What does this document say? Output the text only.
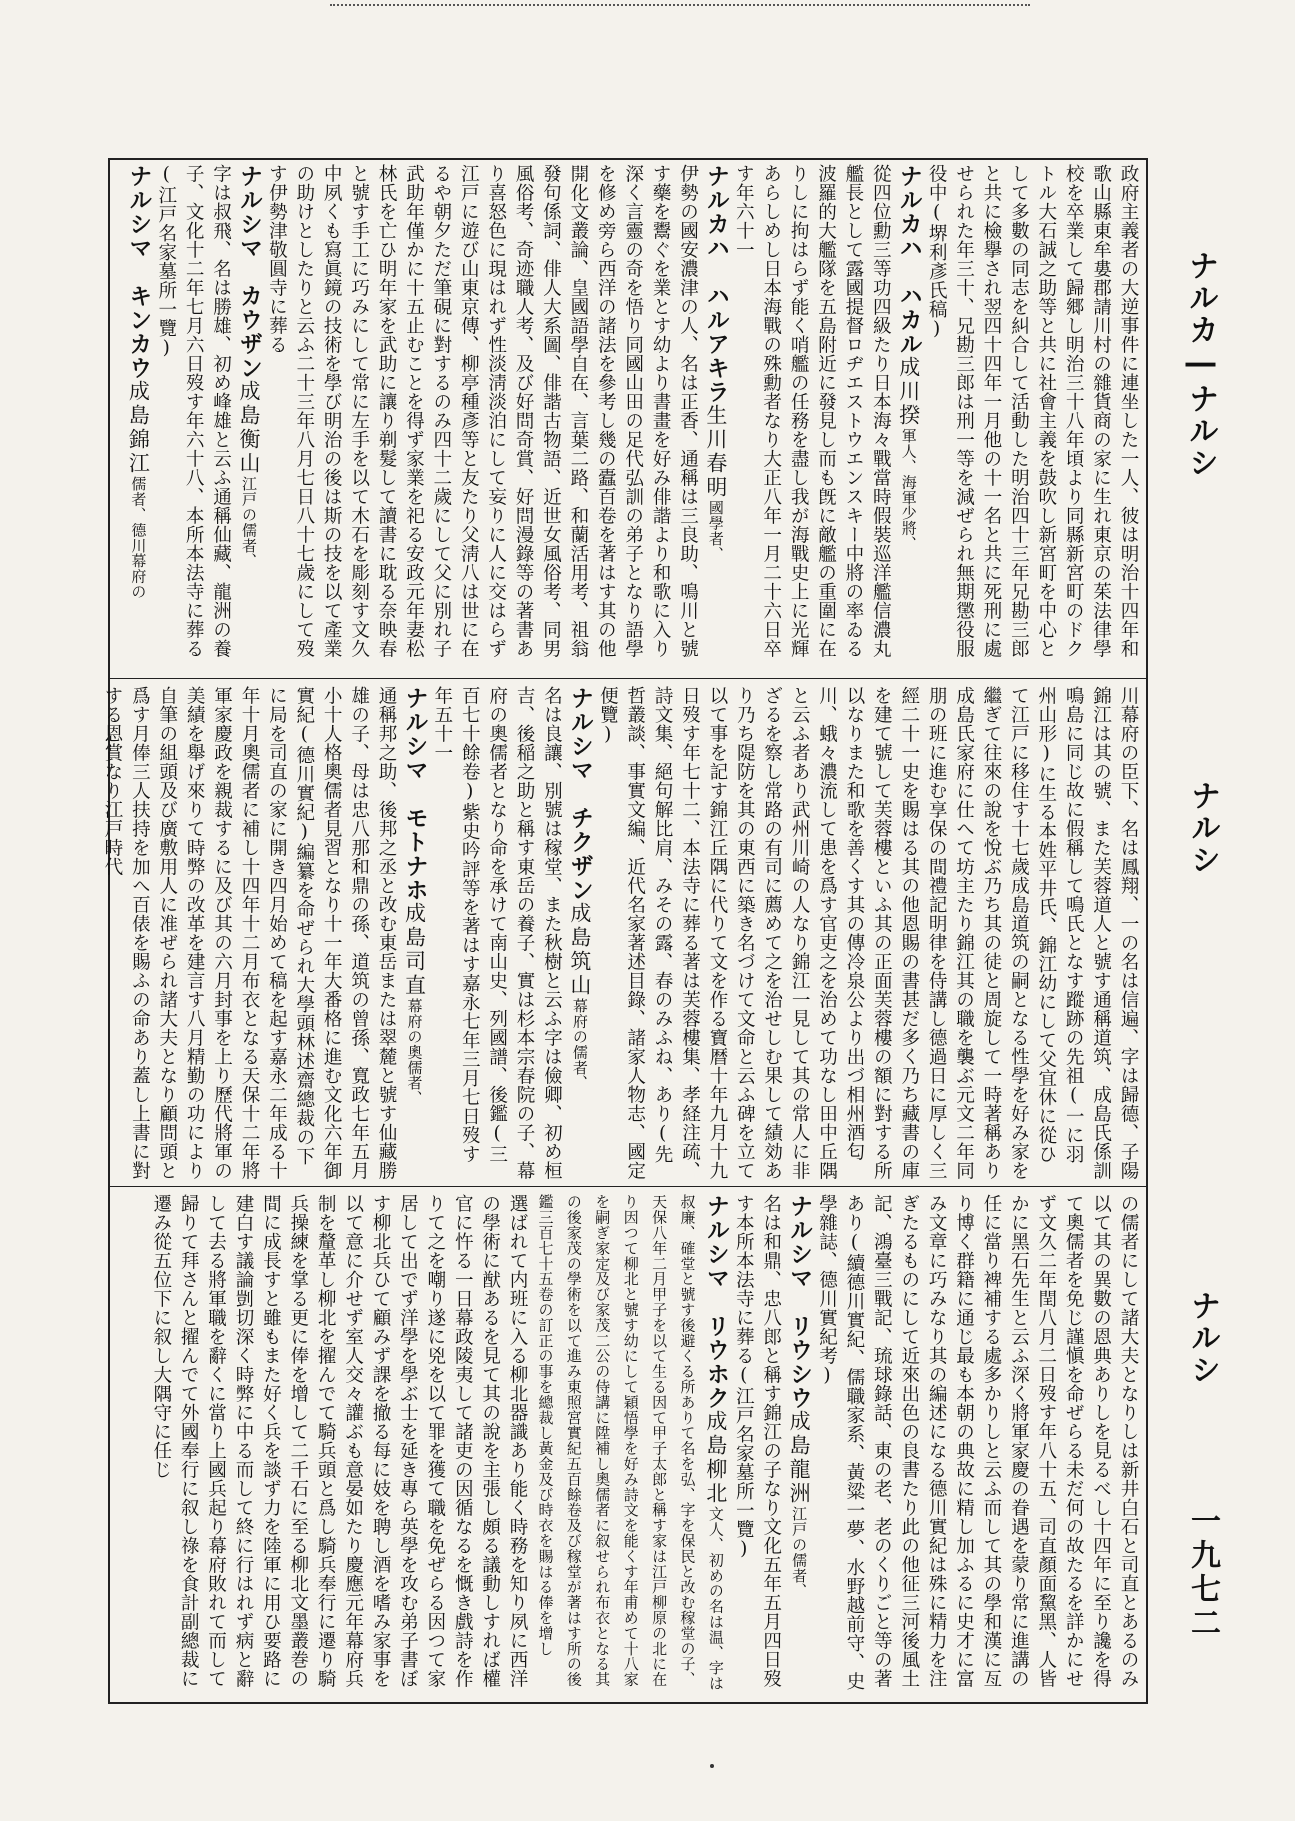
ナルカ―ナルシ
ナルシ
ナルシ
一九七二

政府主義者の大逆事件に連坐した一人、彼は明治十四年和歌山縣東牟婁郡請川村の雜貨商の家に生れ東京の茱法律學校を卒業して歸郷し明治三十八年頃より同縣新宮町のドクトル大石誠之助等と共に社會主義を鼓吹し新宮町を中心として多數の同志を糾合して活動した明治四十三年兄勘三郎と共に檢擧され翌四十四年一月他の十一名と共に死刑に處せられた年三十、兄勘三郎は刑一等を減ぜられ無期懲役服役中(堺利彥氏稿)

ナルカハ　ハカル成川揆軍人、海軍少將、

從四位勳三等功四級たり日本海々戰當時假裝巡洋艦信濃丸艦長として露國提督ロヂエストウエンスキー中將の率ゐる波羅的大艦隊を五島附近に發見し而も旣に敵艦の重圍に在りしに拘はらず能く哨艦の任務を盡し我が海戰史上に光輝あらしめし日本海戰の殊勳者なり大正八年一月二十六日卒す年六十一

ナルカハ　ハルアキラ生川春明國學者、

伊勢の國安濃津の人、名は正香、通稱は三良助、鳴川と號す藥を鬻ぐを業とす幼より書畫を好み俳諧より和歌に入り深く言靈の奇を悟り同國山田の足代弘訓の弟子となり語學を修め旁ら西洋の諸法を參考し幾の蠹百卷を著はす其の他開化文叢論、皇國語學自在、言葉二路、和蘭活用考、祖翁發句係詞、俳人大系圖、俳諧古物語、近世女風俗考、同男風俗考、奇迹職人考、及び好問奇賞、好問漫錄等の著書あり喜怒色に現はれず性淡淸淡泊にして妄りに人に交はらず江戸に遊び山東京傳、柳亭種彥等と友たり父淸八は世に在るや朝夕ただ筆硯に對するのみ四十二歲にして父に別れ子武助年僅かに十五止むことを得ず家業を祀る安政元年妻松林氏を亡ひ明年家を武助に讓り剃髮して讀書に耽る奈映春と號す手工に巧みにして常に左手を以て木石を彫刻す文久中夙くも寫眞鏡の技術を學び明治の後は斯の技を以て產業の助けとしたりと云ふ二十三年八月七日八十七歲にして歿す伊勢津敬圓寺に葬る

ナルシマ　カウザン成島衡山江戸の儒者、

字は叔飛、名は勝雄、初め峰雄と云ふ通稱仙藏、龍洲の養子、文化十二年七月六日歿す年六十八、本所本法寺に葬る(江戸名家墓所一覽)

ナルシマ　キンカウ成島錦江儒者、德川幕府の

川幕府の臣下、名は鳳翔、一の名は信遍、字は歸德、子陽錦江は其の號、また芙蓉道人と號す通稱道筑、成島氏係訓鳴島に同じ故に假稱して鳴氏となす蹤跡の先祖(一に羽州山形)に生る本姓平井氏、錦江幼にして父宜休に從ひて江戸に移住す十七歲成島道筑の嗣となる性學を好み家を繼ぎて往來の說を悅ぶ乃ち其の徒と周旋して一時著稱あり成島氏家府に仕へて坊主たり錦江其の職を襲ぶ元文二年同朋の班に進む享保の間禮記明律を侍講し德過日に厚しく三經二十一史を賜はる其の他恩賜の書甚だ多く乃ち藏書の庫を建て號して芙蓉樓といふ其の正面芙蓉樓の額に對する所以なりまた和歌を善くす其の傳冷泉公より出づ相州酒匂川、蛾々濃流して患を爲す官吏之を治めて功なし田中丘隅と云ふ者あり武州川崎の人なり錦江一見して其の常人に非ざるを察し常路の有司に薦めて之を治せしむ果して績効あり乃ち隄防を其の東西に築き名づけて文命と云ふ碑を立て以て事を記す錦江丘隅に代りて文を作る寶暦十年九月十九日歿す年七十二、本法寺に葬る著は芙蓉樓集、孝経注疏、詩文集、絕句解比肩、みその露、春のみふね、あり(先哲叢談、事實文編、近代名家著述目錄、諸家人物志、國定便覽)

ナルシマ　チクザン成島筑山幕府の儒者、

名は良讓、別號は稼堂、また秋樹と云ふ字は儉卿、初め桓吉、後稲之助と稱す東岳の養子、實は杉本宗春院の子、幕府の奧儒者となり命を承けて南山史、列國譜、後鑑(三百七十餘卷)紫史吟評等を著はす嘉永七年三月七日歿す年五十一

ナルシマ　モトナホ成島司直幕府の奧儒者、

通稱邦之助、後邦之丞と改む東岳または翠麓と號す仙藏勝雄の子、母は忠八那和鼎の孫、道筑の曾孫、寬政七年五月小十人格奧儒者見習となり十一年大番格に進む文化六年御實紀(德川實紀)編纂を命ぜられ大學頭林述齋總裁の下に局を司直の家に開き四月始めて稿を起す嘉永二年成る十年十月奧儒者に補し十四年十二月布衣となる天保十二年將軍家慶政を親裁するに及び其の六月封事を上り歷代將軍の美績を舉げ來りて時弊の改革を建言す八月精勤の功により自筆の組頭及び廣敷用人に准ぜられ諸大夫となり顧問頭と爲す月俸三人扶持を加へ百俵を賜ふの命あり蓋し上書に對する恩賞なり江戸時代

の儒者にして諸大夫となりしは新井白石と司直とあるのみ以て其の異數の恩典ありしを見るべし十四年に至り讒を得て奧儒者を免じ謹愼を命ぜらる未だ何の故たるを詳かにせず文久二年閏八月二日歿す年八十五、司直顏面黧黑、人皆かに黑石先生と云ふ深く將軍家慶の眷遇を蒙り常に進講の任に當り裨補する處多かりしと云ふ而して其の學和漢に亙り博く群籍に通じ最も本朝の典故に精し加ふるに史才に富み文章に巧みなり其の編述になる德川實紀は殊に精力を注ぎたるものにして近來出色の良書たり此の他征三河後風土記、鴻臺三戰記、琉球錄話、東の老、老のくりごと等の著あり(續德川實紀、儒職家系、黃粱一夢、水野越前守、史學雜誌、德川實紀考)

ナルシマ　リウシウ成島龍洲江戸の儒者、

名は和鼎、忠八郎と稱す錦江の子なり文化五年五月四日歿す本所本法寺に葬る(江戸名家墓所一覽)

ナルシマ　リウホク成島柳北文人、初めの名は温、字は叔廉、確堂と號す後避くる所ありて名を弘、字を保民と改む稼堂の子、天保八年二月甲子を以て生る因て甲子太郎と稱す家は江戸柳原の北に在り因つて柳北と號す幼にして穎悟學を好み詩文を能くす年甫めて十八家を嗣ぎ家定及び家茂二公の侍講に陞補し奧儒者に叙せられ布衣となる其の後家茂の學術を以て進み東照宮實紀五百餘卷及び稼堂が著はす所の後鑑三百七十五卷の訂正の事を總裁し黃金及び時衣を賜はる俸を增し

選ばれて内班に入る柳北器識あり能く時務を知り夙に西洋の學術に猷あるを見て其の說を主張し頗る議動しすれば權官に忤る一日幕政陵夷して諸吏の因循なるを慨き戲詩を作りて之を嘲り遂に兇を以て罪を獲て職を免ぜらる因つて家居して出でず洋學を學ぶ士を延き專ら英學を攻む弟子書ぼす柳北兵ひて顧みず課を撤る每に妓を聘し酒を嗜み家事を以て意に介せず室人交々讙ぶも意晏如たり慶應元年幕府兵制を釐革し柳北を擢んでて騎兵頭と爲し騎兵奉行に遷り騎兵操練を掌る更に俸を增して二千石に至る柳北文墨叢巻の間に成長すと雖もまた好く兵を談ず力を陸軍に用ひ要路に建白す議論剴切深く時弊に中る而して終に行はれず病と辭して去る將軍職を辭くに當り上國兵起り幕府敗れて而して歸りて拜さんと擢んでて外國奉行に叙し祿を食計副總裁に遷み從五位下に叙し大隅守に任じ
